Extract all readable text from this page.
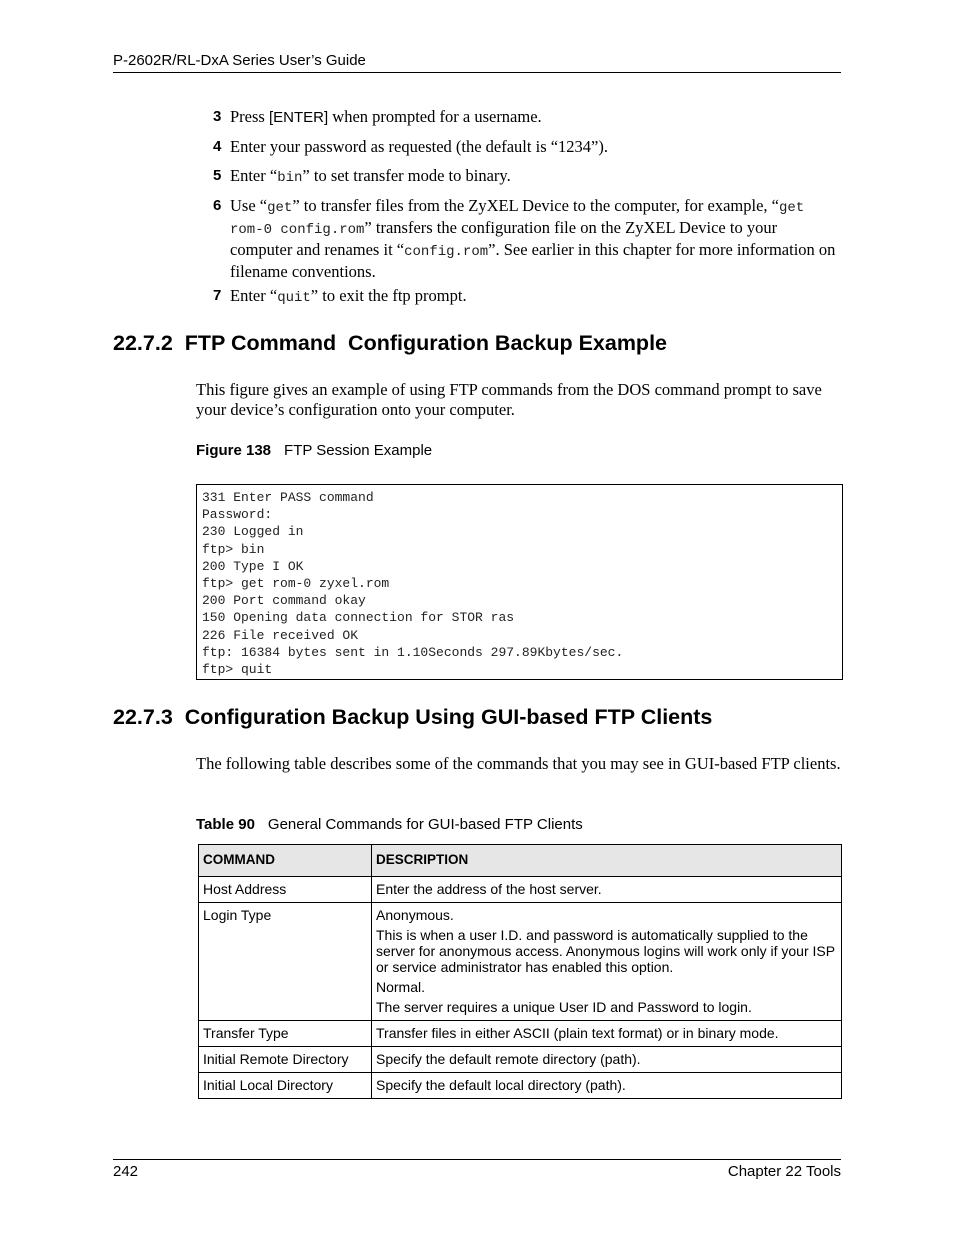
P-2602R/RL-DxA Series User’s Guide
3 Press [ENTER] when prompted for a username.
4 Enter your password as requested (the default is “1234”).
5 Enter “bin” to set transfer mode to binary.
6 Use “get” to transfer files from the ZyXEL Device to the computer, for example, “get rom-0 config.rom” transfers the configuration file on the ZyXEL Device to your computer and renames it “config.rom”. See earlier in this chapter for more information on filename conventions.
7 Enter “quit” to exit the ftp prompt.
22.7.2 FTP Command  Configuration Backup Example

This figure gives an example of using FTP commands from the DOS command prompt to save your device’s configuration onto your computer.

Figure 138 FTP Session Example
331 Enter PASS command
Password:
230 Logged in
ftp> bin
200 Type I OK
ftp> get rom-0 zyxel.rom
200 Port command okay
150 Opening data connection for STOR ras
226 File received OK
ftp: 16384 bytes sent in 1.10Seconds 297.89Kbytes/sec.
ftp> quit
22.7.3 Configuration Backup Using GUI-based FTP Clients

The following table describes some of the commands that you may see in GUI-based FTP clients.

Table 90 General Commands for GUI-based FTP Clients
COMMAND	DESCRIPTION
Host Address	Enter the address of the host server.

Login Type	Anonymous.

This is when a user I.D. and password is automatically supplied to the server for anonymous access. Anonymous logins will work only if your ISP or service administrator has enabled this option.

Normal.

The server requires a unique User ID and Password to login.

Transfer Type	Transfer files in either ASCII (plain text format) or in binary mode.

Initial Remote Directory	Specify the default remote directory (path).

Initial Local Directory	Specify the default local directory (path).

242	Chapter 22 Tools
